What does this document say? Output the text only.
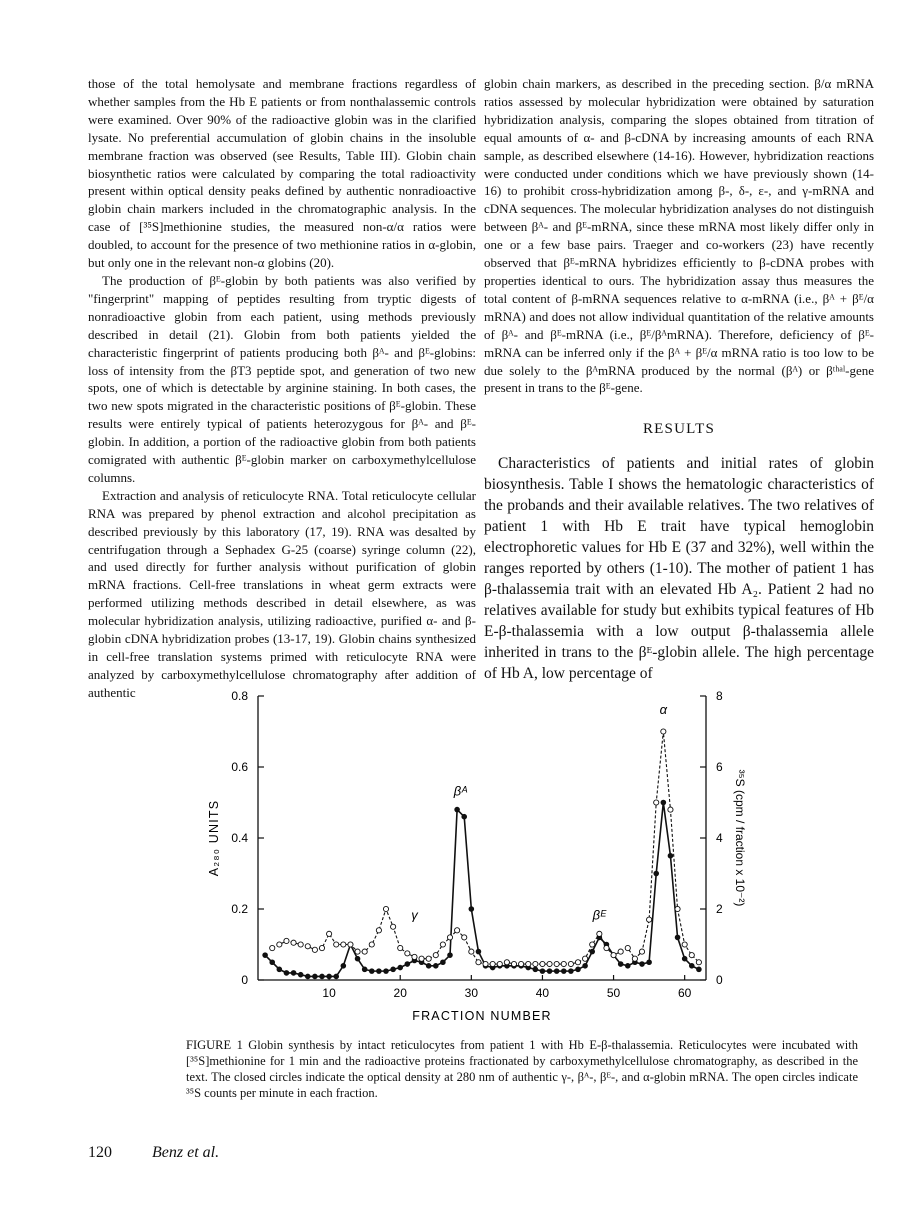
those of the total hemolysate and membrane fractions regardless of whether samples from the Hb E patients or from nonthalassemic controls were examined. Over 90% of the radioactive globin was in the clarified lysate. No preferential accumulation of globin chains in the insoluble membrane fraction was observed (see Results, Table III). Globin chain biosynthetic ratios were calculated by comparing the total radioactivity present within optical density peaks defined by authentic nonradioactive globin chain markers included in the chromatographic analysis. In the case of [³⁵S]methionine studies, the measured non-α/α ratios were doubled, to account for the presence of two methionine ratios in α-globin, but only one in the relevant non-α globins (20).

The production of βᴱ-globin by both patients was also verified by "fingerprint" mapping of peptides resulting from tryptic digests of nonradioactive globin from each patient, using methods previously described in detail (21). Globin from both patients yielded the characteristic fingerprint of patients producing both βᴬ- and βᴱ-globins: loss of intensity from the βT3 peptide spot, and generation of two new spots, one of which is detectable by arginine staining. In both cases, the two new spots migrated in the characteristic positions of βᴱ-globin. These results were entirely typical of patients heterozygous for βᴬ- and βᴱ-globin. In addition, a portion of the radioactive globin from both patients comigrated with authentic βᴱ-globin marker on carboxymethylcellulose columns.

Extraction and analysis of reticulocyte RNA. Total reticulocyte cellular RNA was prepared by phenol extraction and alcohol precipitation as described previously by this laboratory (17, 19). RNA was desalted by centrifugation through a Sephadex G-25 (coarse) syringe column (22), and used directly for further analysis without purification of globin mRNA fractions. Cell-free translations in wheat germ extracts were performed utilizing methods described in detail elsewhere, as was molecular hybridization analysis, utilizing radioactive, purified α- and β-globin cDNA hybridization probes (13-17, 19). Globin chains synthesized in cell-free translation systems primed with reticulocyte RNA were analyzed by carboxymethylcellulose chromatography after addition of authentic

globin chain markers, as described in the preceding section. β/α mRNA ratios assessed by molecular hybridization were obtained by saturation hybridization analysis, comparing the slopes obtained from titration of equal amounts of α- and β-cDNA by increasing amounts of each RNA sample, as described elsewhere (14-16). However, hybridization reactions were conducted under conditions which we have previously shown (14-16) to prohibit cross-hybridization among β-, δ-, ε-, and γ-mRNA and cDNA sequences. The molecular hybridization analyses do not distinguish between βᴬ- and βᴱ-mRNA, since these mRNA most likely differ only in one or a few base pairs. Traeger and co-workers (23) have recently observed that βᴱ-mRNA hybridizes efficiently to β-cDNA probes with properties identical to ours. The hybridization assay thus measures the total content of β-mRNA sequences relative to α-mRNA (i.e., βᴬ + βᴱ/α mRNA) and does not allow individual quantitation of the relative amounts of βᴬ- and βᴱ-mRNA (i.e., βᴱ/βᴬmRNA). Therefore, deficiency of βᴱ-mRNA can be inferred only if the βᴬ + βᴱ/α mRNA ratio is too low to be due solely to the βᴬmRNA produced by the normal (βᴬ) or βᵗʰᵃˡ-gene present in trans to the βᴱ-gene.

RESULTS

Characteristics of patients and initial rates of globin biosynthesis. Table I shows the hematologic characteristics of the probands and their available relatives. The two relatives of patient 1 with Hb E trait have typical hemoglobin electrophoretic values for Hb E (37 and 32%), well within the ranges reported by others (1-10). The mother of patient 1 has β-thalassemia trait with an elevated Hb A₂. Patient 2 had no relatives available for study but exhibits typical features of Hb E-β-thalassemia with a low output β-thalassemia allele inherited in trans to the βᴱ-globin allele. The high percentage of Hb A, low percentage of

0
0.2
0.4
0.6
0.8
0
2
4
6
8
10	20	30	40	50	60
FRACTION NUMBER
A₂₈₀ UNITS	³⁵S (cpm / fraction x 10⁻²)
γ
βᴬ
βᴱ
α
FIGURE 1 Globin synthesis by intact reticulocytes from patient 1 with Hb E-β-thalassemia. Reticulocytes were incubated with [³⁵S]methionine for 1 min and the radioactive proteins fractionated by carboxymethylcellulose chromatography, as described in the text. The closed circles indicate the optical density at 280 nm of authentic γ-, βᴬ-, βᴱ-, and α-globin mRNA. The open circles indicate ³⁵S counts per minute in each fraction.
120	Benz et al.
